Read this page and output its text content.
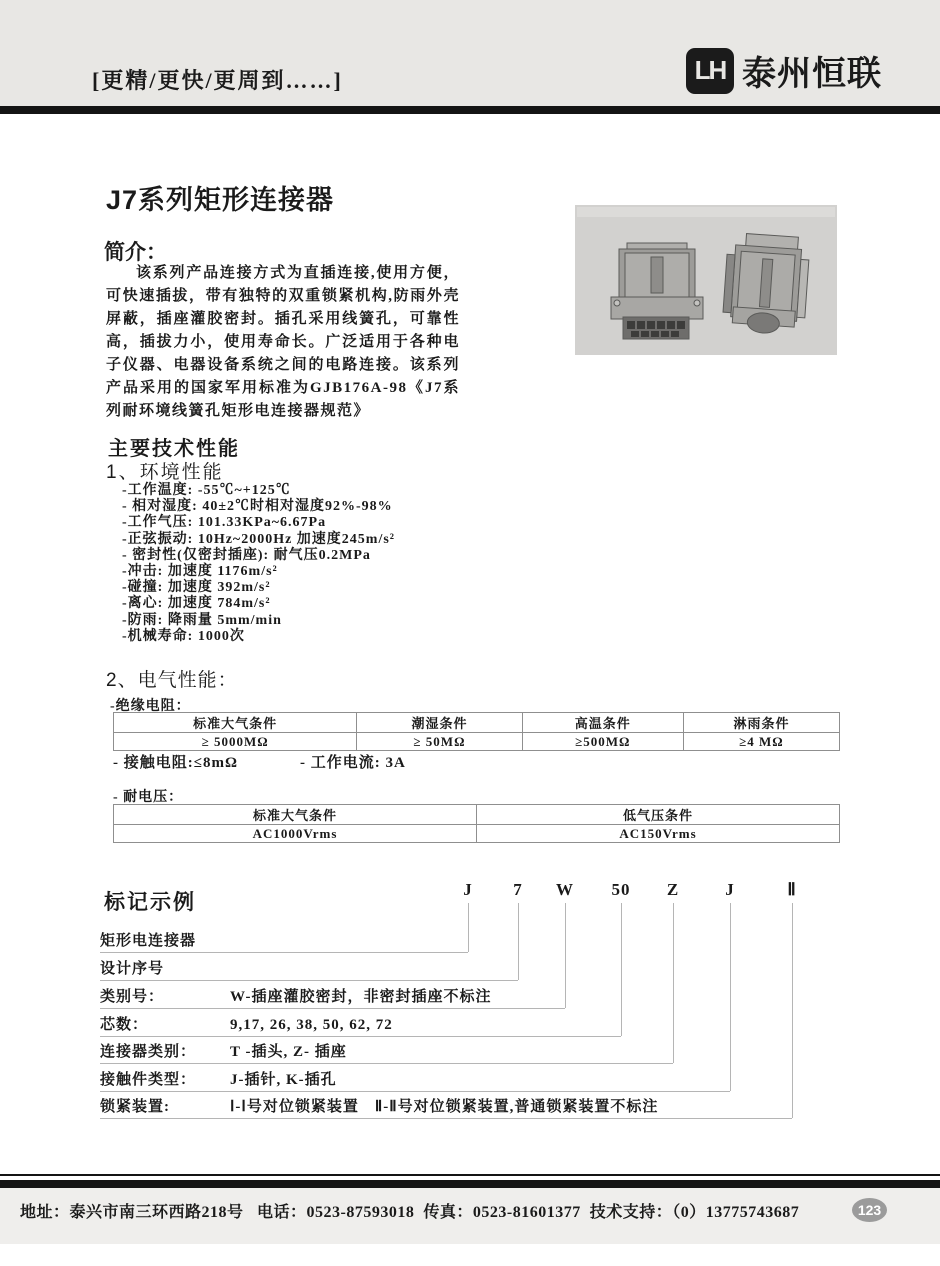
[更精/更快/更周到……]	LH 泰州恒联
J7系列矩形连接器
简介：
该系列产品连接方式为直插连接,使用方便，可快速插拔，带有独特的双重锁紧机构,防雨外壳屏蔽，插座灌胶密封。插孔采用线簧孔，可靠性高，插拔力小，使用寿命长。广泛适用于各种电子仪器、电器设备系统之间的电路连接。该系列产品采用的国家军用标准为GJB176A-98《J7系列耐环境线簧孔矩形电连接器规范》
主要技术性能
1、环境性能
-工作温度: -55℃~+125℃
- 相对湿度: 40±2℃时相对湿度92%-98%
-工作气压: 101.33KPa~6.67Pa
-正弦振动: 10Hz~2000Hz 加速度245m/s²
- 密封性(仅密封插座): 耐气压0.2MPa
-冲击: 加速度 1176m/s²
-碰撞: 加速度 392m/s²
-离心: 加速度 784m/s²
-防雨: 降雨量 5mm/min
-机械寿命: 1000次
2、电气性能：
-绝缘电阻：
标准大气条件	潮湿条件	高温条件	淋雨条件
≥ 5000MΩ	≥ 50MΩ	≥500MΩ	≥4 MΩ
- 接触电阻:≤8mΩ	- 工作电流: 3A
- 耐电压：
标准大气条件	低气压条件
AC1000Vrms	AC150Vrms
标记示例
J 7 W 50 Z	J	Ⅱ
矩形电连接器
设计序号
类别号：	W-插座灌胶密封，非密封插座不标注
芯数：	9,17, 26, 38, 50, 62, 72
连接器类别： T -插头, Z- 插座
接触件类型： J-插针, K-插孔
锁紧装置:	Ⅰ-Ⅰ号对位锁紧装置　Ⅱ-Ⅱ号对位锁紧装置,普通锁紧装置不标注
地址：泰兴市南三环西路218号 电话：0523-87593018 传真：0523-81601377 技术支持：（0）13775743687	123
